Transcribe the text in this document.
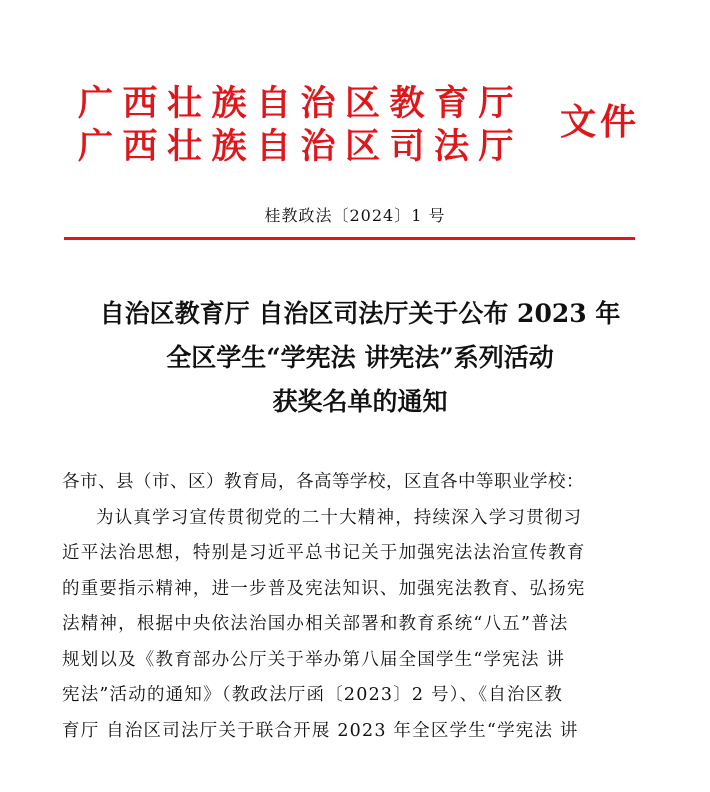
广西壮族自治区教育厅
广西壮族自治区司法厅
文件
桂教政法〔2024〕1 号
自治区教育厅 自治区司法厅关于公布 2023 年
全区学生“学宪法 讲宪法”系列活动
获奖名单的通知
各市、县（市、区）教育局，各高等学校，区直各中等职业学校：
为认真学习宣传贯彻党的二十大精神，持续深入学习贯彻习
近平法治思想，特别是习近平总书记关于加强宪法法治宣传教育
的重要指示精神，进一步普及宪法知识、加强宪法教育、弘扬宪
法精神，根据中央依法治国办相关部署和教育系统“八五”普法
规划以及《教育部办公厅关于举办第八届全国学生“学宪法 讲
宪法”活动的通知》（教政法厅函〔2023〕2 号）、《自治区教
育厅 自治区司法厅关于联合开展 2023 年全区学生“学宪法 讲
